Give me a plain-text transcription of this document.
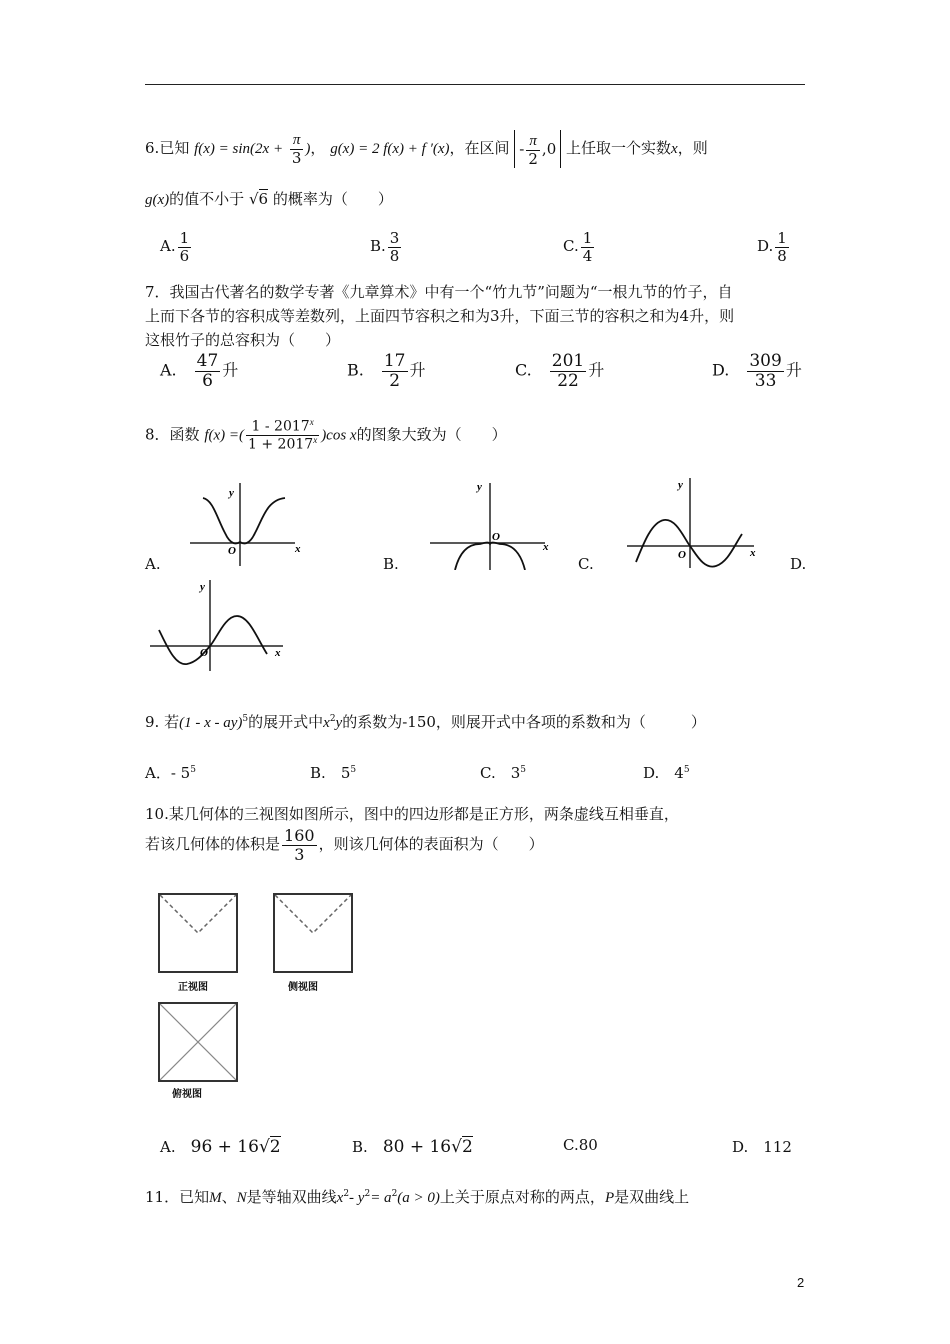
6.已知 $f(x) = \sin(2x + \frac{\pi}{3}$ )， g(x) = 2 f(x) + f ′(x)，在区间 - $\frac{\pi}{2} ,0$ 上任取一个实数x，则
g(x)的值不小于 √6 的概率为（　　）
A. $\frac{1}{6}$	B. $\frac{3}{8}$	C. $\frac{1}{4}$	D. $\frac{1}{8}$
7．我国古代著名的数学专著《九章算术》中有一个“竹九节”问题为“一根九节的竹子，自
上而下各节的容积成等差数列，上面四节容积之和为3升，下面三节的容积之和为4升，则
这根竹子的总容积为（　　）
A.　 $\frac{47}{6}$ 升	B.　 $\frac{17}{2}$ 升	C.　 $\frac{201}{22}$ 升	D.　 $\frac{309}{33}$ 升
8．函数 f(x) =( $\frac{1 - 2017^x}{1 + 2017^x} )\cos$ x的图象大致为（　　）
y
x
O
A.
y
x
O
B.
y
x
O
C.	D.
y
x
O
9. 若(1 - x - ay)$^5$的展开式中$x^2y$的系数为-150，则展开式中各项的系数和为（　　　）
A．- $5^5$	B.　 $5^5$	C.　 $3^5$	D.　 $4^5$
10.某几何体的三视图如图所示，图中的四边形都是正方形，两条虚线互相垂直，
若该几何体的体积是 $\frac{160}{3}$ ，则该几何体的表面积为（　　）
正视图	侧视图
俯视图
A.　 96 + 16√2	B.　 80 + 16√2	C.80	D.　 112
11．已知M、N是等轴双曲线$x^2-$ $y^2= a^2(a > 0)$上关于原点对称的两点，P是双曲线上
2
